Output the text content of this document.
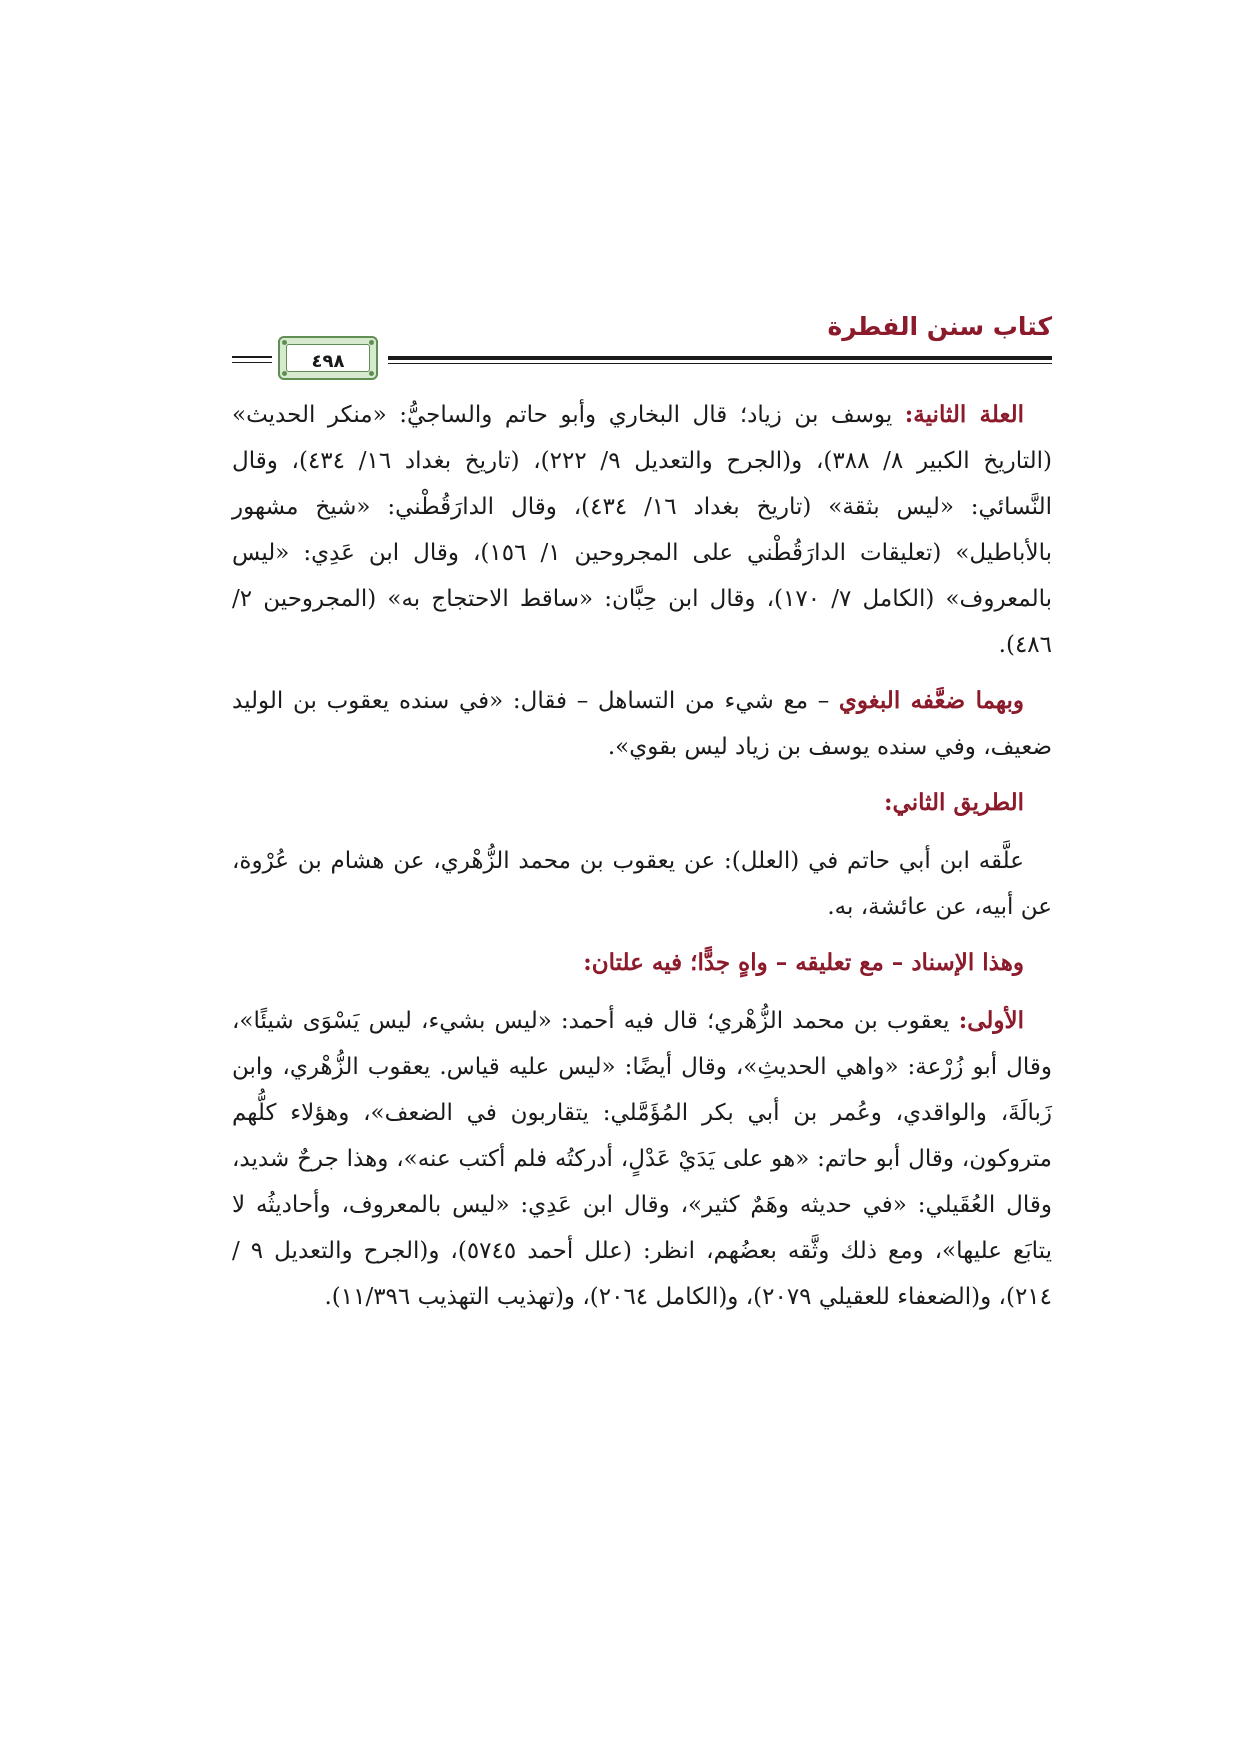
كتاب سنن الفطرة
٤٩٨

العلة الثانية: يوسف بن زياد؛ قال البخاري وأبو حاتم والساجيُّ: «منكر الحديث» (التاريخ الكبير ٨/ ٣٨٨)، و(الجرح والتعديل ٩/ ٢٢٢)، (تاريخ بغداد ١٦/ ٤٣٤)، وقال النَّسائي: «ليس بثقة» (تاريخ بغداد ١٦/ ٤٣٤)، وقال الدارَقُطْني: «شيخ مشهور بالأباطيل» (تعليقات الدارَقُطْني على المجروحين ١/ ١٥٦)، وقال ابن عَدِي: «ليس بالمعروف» (الكامل ٧/ ١٧٠)، وقال ابن حِبَّان: «ساقط الاحتجاج به» (المجروحين ٢/ ٤٨٦).

وبهما ضعَّفه البغوي – مع شيء من التساهل – فقال: «في سنده يعقوب بن الوليد ضعيف، وفي سنده يوسف بن زياد ليس بقوي».

الطريق الثاني:

علَّقه ابن أبي حاتم في (العلل): عن يعقوب بن محمد الزُّهْري، عن هشام بن عُرْوة، عن أبيه، عن عائشة، به.

وهذا الإسناد – مع تعليقه – واهٍ جدًّا؛ فيه علتان:

الأولى: يعقوب بن محمد الزُّهْري؛ قال فيه أحمد: «ليس بشيء، ليس يَسْوَى شيئًا»، وقال أبو زُرْعة: «واهي الحديثِ»، وقال أيضًا: «ليس عليه قياس. يعقوب الزُّهْري، وابن زَبالَةَ، والواقدي، وعُمر بن أبي بكر المُؤَمَّلي: يتقاربون في الضعف»، وهؤلاء كلُّهم متروكون، وقال أبو حاتم: «هو على يَدَيْ عَدْلٍ، أدركتُه فلم أكتب عنه»، وهذا جرحٌ شديد، وقال العُقَيلي: «في حديثه وهَمٌ كثير»، وقال ابن عَدِي: «ليس بالمعروف، وأحاديثُه لا يتابَع عليها»، ومع ذلك وثَّقه بعضُهم، انظر: (علل أحمد ٥٧٤٥)، و(الجرح والتعديل ٩ /٢١٤)، و(الضعفاء للعقيلي ٢٠٧٩)، و(الكامل ٢٠٦٤)، و(تهذيب التهذيب ١١/٣٩٦).
